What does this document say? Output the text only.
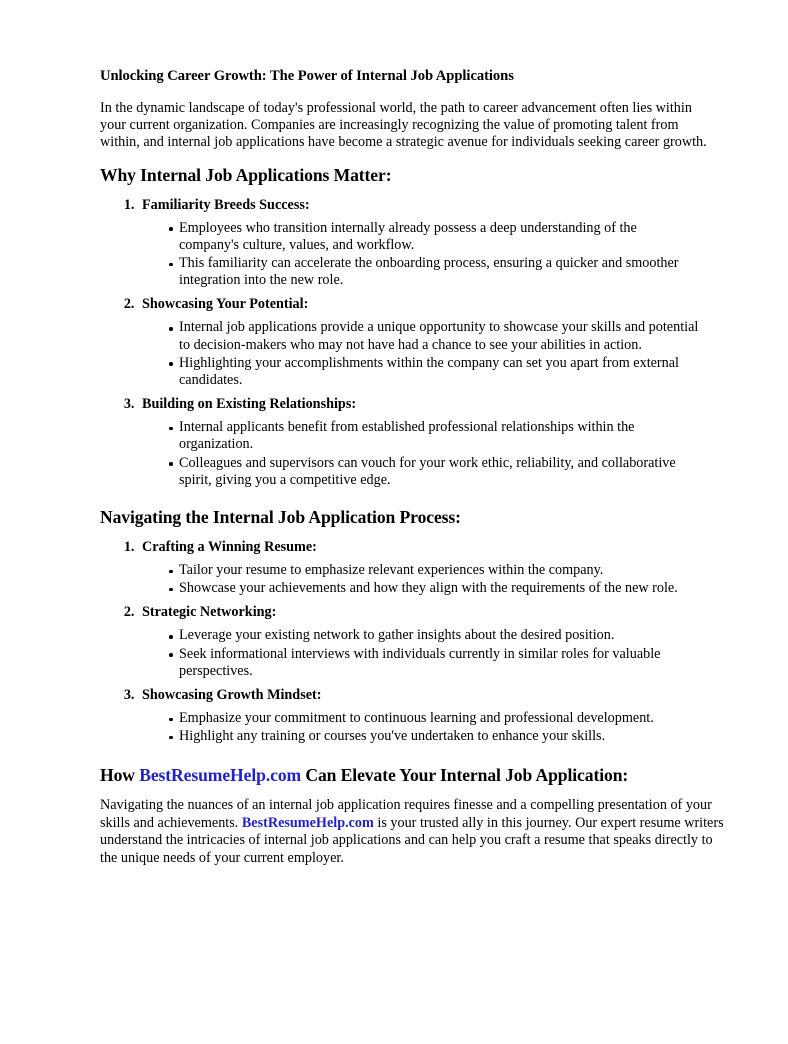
Unlocking Career Growth: The Power of Internal Job Applications

In the dynamic landscape of today's professional world, the path to career advancement often lies within your current organization. Companies are increasingly recognizing the value of promoting talent from within, and internal job applications have become a strategic avenue for individuals seeking career growth.

Why Internal Job Applications Matter:
1. Familiarity Breeds Success:
Employees who transition internally already possess a deep understanding of the company's culture, values, and workflow.
This familiarity can accelerate the onboarding process, ensuring a quicker and smoother integration into the new role.
2. Showcasing Your Potential:
Internal job applications provide a unique opportunity to showcase your skills and potential to decision-makers who may not have had a chance to see your abilities in action.
Highlighting your accomplishments within the company can set you apart from external candidates.
3. Building on Existing Relationships:
Internal applicants benefit from established professional relationships within the organization.
Colleagues and supervisors can vouch for your work ethic, reliability, and collaborative spirit, giving you a competitive edge.
Navigating the Internal Job Application Process:
1. Crafting a Winning Resume:
Tailor your resume to emphasize relevant experiences within the company.
Showcase your achievements and how they align with the requirements of the new role.
2. Strategic Networking:
Leverage your existing network to gather insights about the desired position.
Seek informational interviews with individuals currently in similar roles for valuable perspectives.
3. Showcasing Growth Mindset:
Emphasize your commitment to continuous learning and professional development.
Highlight any training or courses you've undertaken to enhance your skills.
How BestResumeHelp.com Can Elevate Your Internal Job Application:

Navigating the nuances of an internal job application requires finesse and a compelling presentation of your skills and achievements. BestResumeHelp.com is your trusted ally in this journey. Our expert resume writers understand the intricacies of internal job applications and can help you craft a resume that speaks directly to the unique needs of your current employer.
